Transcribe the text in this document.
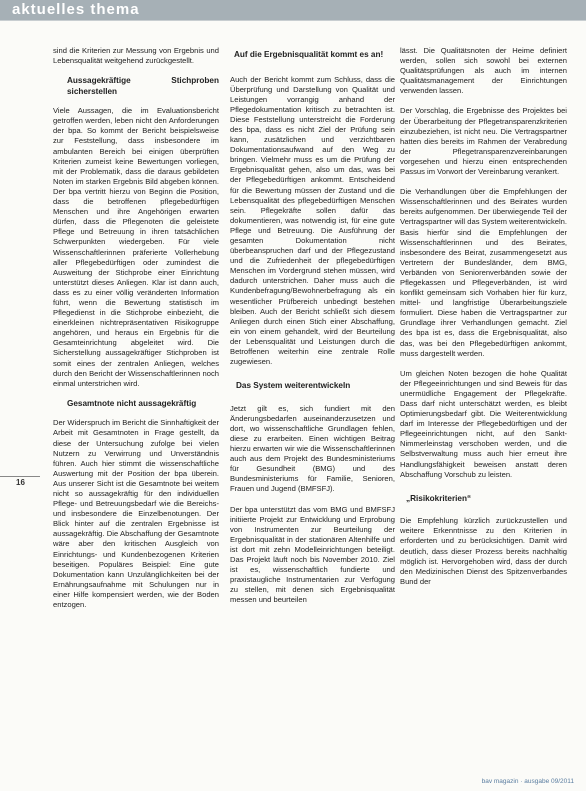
aktuelles thema

sind die Kriterien zur Messung von Ergebnis und Lebensqualität weitgehend zurückgestellt.

Aussagekräftige Stichproben sicherstellen

Viele Aussagen, die im Evaluationsbericht getroffen werden, leben nicht den Anforderungen der bpa. So kommt der Bericht beispielsweise zur Feststellung, dass insbesondere im ambulanten Bereich bei einigen überprüften Kriterien zumeist keine Bewertungen vorliegen, mit der Problematik, dass die daraus gebildeten Noten im starken Ergebnis Bild abgeben können. Der bpa vertritt hierzu von Beginn die Position, dass die betroffenen pflegebedürftigen Menschen und ihre Angehörigen erwarten dürfen, dass die Pflegenoten die geleistete Pflege und Betreuung in ihren tatsächlichen Schwerpunkten wiedergeben. Für viele Wissenschaftlerinnen präferierte Vollerhebung aller Pflegebedürftigen oder zumindest die Ausweitung der Stichprobe einer Einrichtung unterstützt dieses Anliegen. Klar ist dann auch, dass es zu einer völlig veränderten Information führt, wenn die Bewertung statistisch im Pflegedienst in die Stichprobe einbezieht, die einerkleinen nichtrepräsentativen Risikogruppe angehören, und heraus ein Ergebnis für die Gesamteinrichtung abgeleitet wird. Die Sicherstellung aussagekräftiger Stichproben ist somit eines der zentralen Anliegen, welches durch den Bericht der Wissenschaftlerinnen noch einmal unterstrichen wird.

Gesamtnote nicht aussagekräftig

Der Widerspruch im Bericht die Sinnhaftigkeit der Arbeit mit Gesamtnoten in Frage gestellt, da diese der Untersuchung zufolge bei vielen Nutzern zu Verwirrung und Unverständnis führen. Auch hier stimmt die wissenschaftliche Auswertung mit der Position der bpa überein. Aus unserer Sicht ist die Gesamtnote bei weitem nicht so aussagekräftig für den individuellen Pflege- und Betreuungsbedarf wie die Bereichs- und insbesondere die Einzelbenotungen. Der Blick hinter auf die zentralen Ergebnisse ist aussagekräftig. Die Abschaffung der Gesamtnote wäre aber den kritischen Ausgleich von Einrichtungs- und Kundenbezogenen Kriterien beseitigen. Populäres Beispiel: Eine gute Dokumentation kann Unzulänglichkeiten bei der Ernährungsaufnahme mit Schulungen nur in einer Hilfe kompensiert werden, wie der Boden entzogen.

Auf die Ergebnisqualität kommt es an!

Auch der Bericht kommt zum Schluss, dass die Überprüfung und Darstellung von Qualität und Leistungen vorrangig anhand der Pflegedokumentation kritisch zu betrachten ist. Diese Feststellung unterstreicht die Forderung des bpa, dass es nicht Ziel der Prüfung sein kann, zusätzlichen und verzichtbaren Dokumentationsaufwand auf den Weg zu bringen. Vielmehr muss es um die Prüfung der Ergebnisqualität gehen, also um das, was bei der Pflegebedürftigen ankommt. Entscheidend für die Bewertung müssen der Zustand und die Lebensqualität des pflegebedürftigen Menschen sein. Pflegekräfte sollen dafür das dokumentieren, was notwendig ist, für eine gute Pflege und Betreuung. Die Ausführung der gesamten Dokumentation nicht überbeanspruchen darf und der Pflegezustand und die Zufriedenheit der pflegebedürftigen Menschen im Vordergrund stehen müssen, wird dadurch unterstrichen. Daher muss auch die Kundenbefragung/Bewohnerbefragung als ein wesentlicher Prüfbereich unbedingt bestehen bleiben. Auch der Bericht schließt sich diesem Anliegen durch einen Stich einer Abschaffung, ein von einem gehandelt, wird der Beurteilung der Lebensqualität und Leistungen durch die Betroffenen weiterhin eine zentrale Rolle zugewiesen.

Das System weiterentwickeln

Jetzt gilt es, sich fundiert mit den Änderungsbedarfen auseinanderzusetzen und dort, wo wissenschaftliche Grundlagen fehlen, diese zu erarbeiten. Einen wichtigen Beitrag hierzu erwarten wir wie die Wissenschaftlerinnen auch aus dem Projekt des Bundesministeriums für Gesundheit (BMG) und des Bundesministeriums für Familie, Senioren, Frauen und Jugend (BMFSFJ).

Der bpa unterstützt das vom BMG und BMFSFJ initiierte Projekt zur Entwicklung und Erprobung von Instrumenten zur Beurteilung der Ergebnisqualität in der stationären Altenhilfe und ist dort mit zehn Modelleinrichtungen beteiligt. Das Projekt läuft noch bis November 2010. Ziel ist es, wissenschaftlich fundierte und praxistaugliche Instrumentarien zur Verfügung zu stellen, mit denen sich Ergebnisqualität messen und beurteilen

lässt. Die Qualitätsnoten der Heime definiert werden, sollen sich sowohl bei externen Qualitätsprüfungen als auch im internen Qualitätsmanagement der Einrichtungen verwenden lassen.

Der Vorschlag, die Ergebnisse des Projektes bei der Überarbeitung der Pflegetransparenzkriterien einzubeziehen, ist nicht neu. Die Vertragspartner hatten dies bereits im Rahmen der Verabredung der Pflegetransparenzvereinbarungen vorgesehen und hierzu einen entsprechenden Passus im Vorwort der Vereinbarung verankert.

Die Verhandlungen über die Empfehlungen der Wissenschaftlerinnen und des Beirates wurden bereits aufgenommen. Der überwiegende Teil der Vertragspartner will das System weiterentwickeln. Basis hierfür sind die Empfehlungen der Wissenschaftlerinnen und des Beirates, insbesondere des Beirat, zusammengesetzt aus Vertretern der Bundesländer, dem BMG, Verbänden von Seniorenverbänden sowie der Pflegekassen und Pflegeverbänden, ist wird konflikt gemeinsam sich Vorhaben hier für kurz, mittel- und langfristige Überarbeitungsziele formuliert. Diese haben die Vertragspartner zur Grundlage ihrer Verhandlungen gemacht. Ziel des bpa ist es, dass die Ergebnisqualität, also das, was bei den Pflegebedürftigen ankommt, muss dargestellt werden.

Um gleichen Noten bezogen die hohe Qualität der Pflegeeinrichtungen und sind Beweis für das unermüdliche Engagement der Pflegekräfte. Dass darf nicht unterschätzt werden, es bleibt Optimierungsbedarf gibt. Die Weiterentwicklung darf im Interesse der Pflegebedürftigen und der Pflegeeinrichtungen nicht, auf den Sankt-Nimmerleinstag verschoben werden, und die Selbstverwaltung muss auch hier erneut ihre Handlungsfähigkeit beweisen anstatt deren Abschaffung Vorschub zu leisten.

„Risikokriterien“

Die Empfehlung kürzlich zurückzustellen und weitere Erkenntnisse zu den Kriterien in erforderten und zu berücksichtigen. Damit wird deutlich, dass dieser Prozess bereits nachhaltig möglich ist. Hervorgehoben wird, dass der durch den Medizinischen Dienst des Spitzenverbandes Bund der

16
bav magazin · ausgabe 09/2011
